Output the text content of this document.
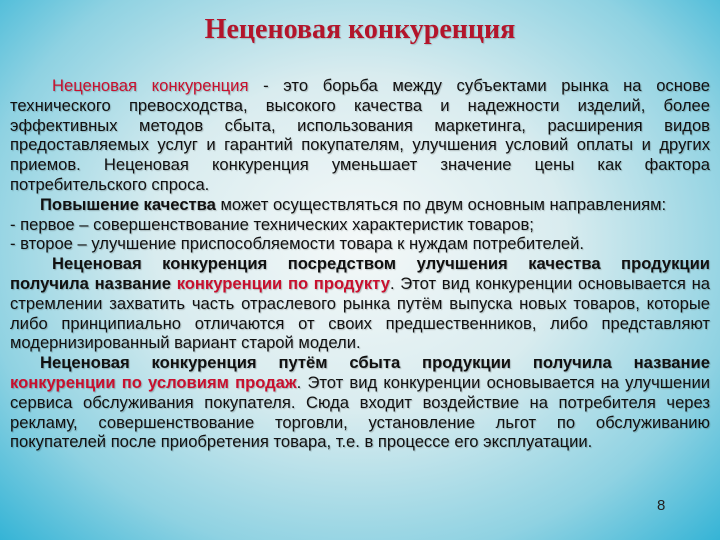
Неценовая конкуренция

Неценовая конкуренция - это борьба между субъектами рынка на основе технического превосходства, высокого качества и надежности изделий, более эффективных методов сбыта, использования маркетинга, расширения видов предоставляемых услуг и гарантий покупателям, улучшения условий оплаты и других приемов. Неценовая конкуренция уменьшает значение цены как фактора потребительского спроса.

Повышение качества может осуществляться по двум основным направлениям:

- первое – совершенствование технических характеристик товаров;

- второе – улучшение приспособляемости товара к нуждам потребителей.

Неценовая конкуренция посредством улучшения качества продукции получила название конкуренции по продукту. Этот вид конкуренции основывается на стремлении захватить часть отраслевого рынка путём выпуска новых товаров, которые либо принципиально отличаются от своих предшественников, либо представляют модернизированный вариант старой модели.

Неценовая конкуренция путём сбыта продукции получила название конкуренции по условиям продаж. Этот вид конкуренции основывается на улучшении сервиса обслуживания покупателя. Сюда входит воздействие на потребителя через рекламу, совершенствование торговли, установление льгот по обслуживанию покупателей после приобретения товара, т.е. в процессе его эксплуатации.

8
